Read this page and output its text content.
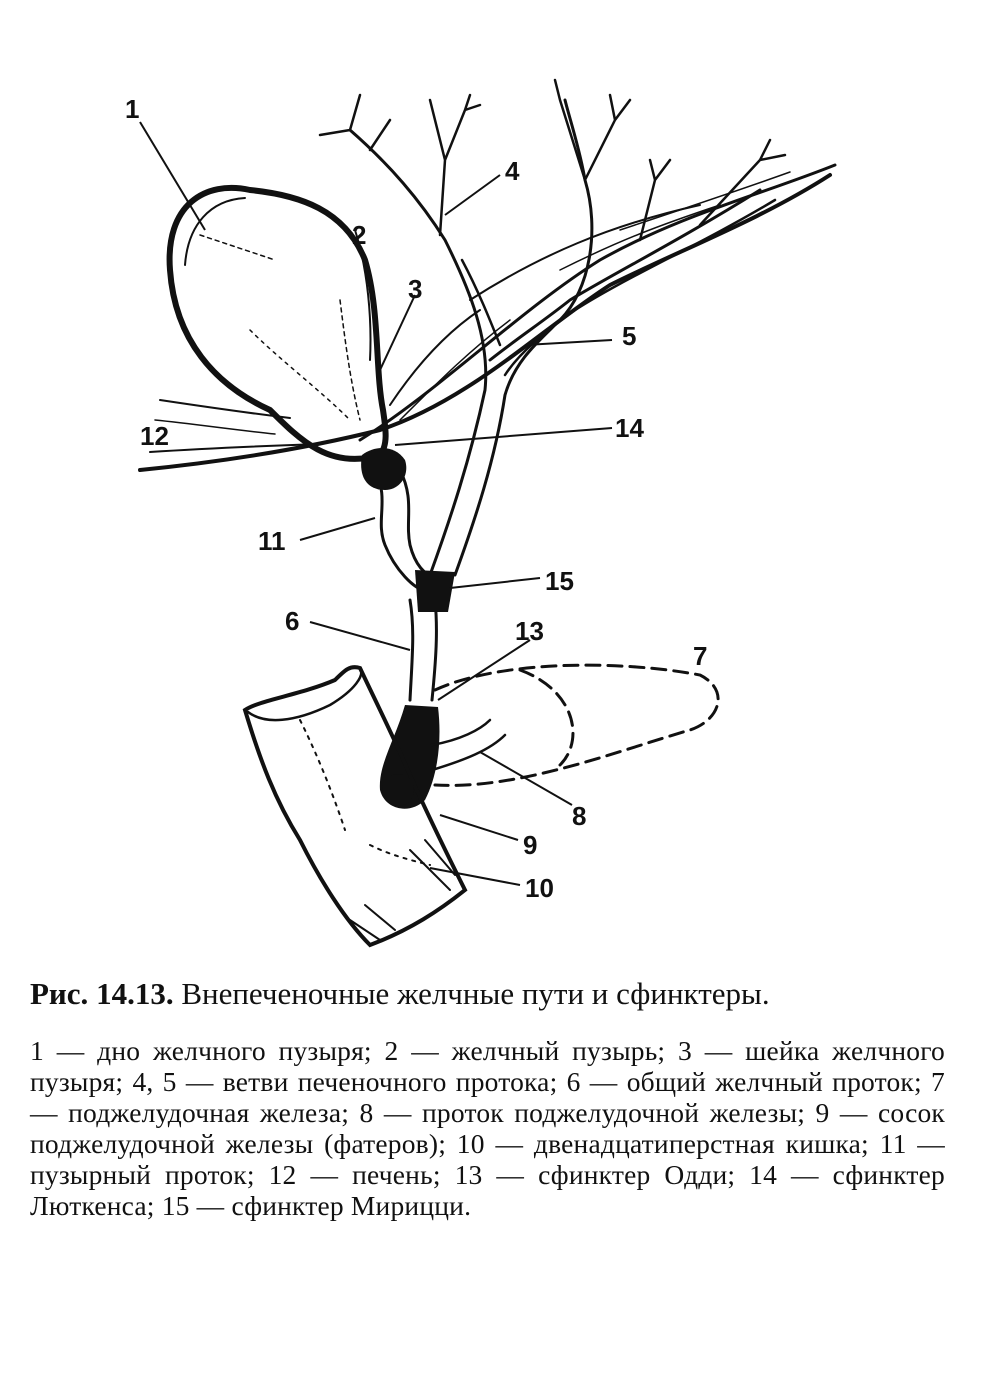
1
2
3
4
5
6
7
8
9
10
11
12
13
14
15

Рис. 14.13. Внепеченочные желчные пути и сфинктеры.

1 — дно желчного пузыря; 2 — желчный пузырь; 3 — шейка желчного пузыря; 4, 5 — ветви печеночного протока; 6 — общий желчный проток; 7 — поджелудочная железа; 8 — проток поджелудочной железы; 9 — сосок поджелудочной железы (фатеров); 10 — двенадцатиперстная кишка; 11 — пузырный проток; 12 — печень; 13 — сфинктер Одди; 14 — сфинктер Люткенса; 15 — сфинктер Мирицци.
